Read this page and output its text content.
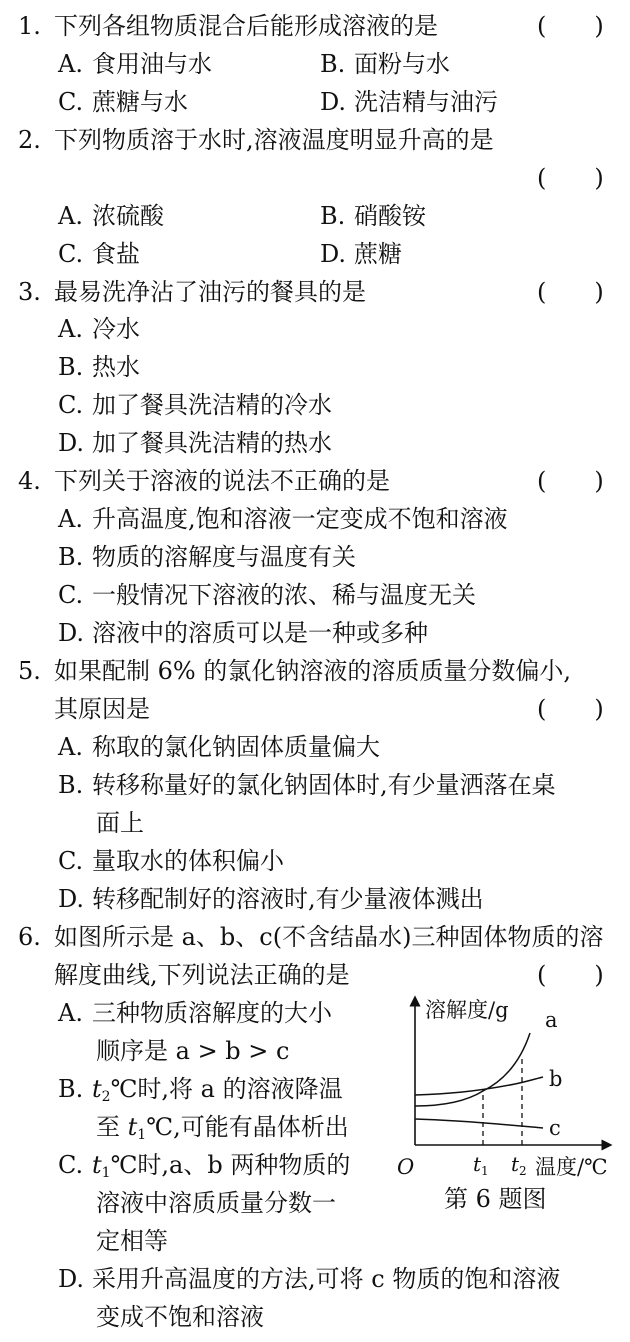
1. 下列各组物质混合后能形成溶液的是	(　　)
A. 食用油与水	B. 面粉与水
C. 蔗糖与水	D. 洗洁精与油污
2. 下列物质溶于水时,溶液温度明显升高的是
(　　)
A. 浓硫酸	B. 硝酸铵
C. 食盐	D. 蔗糖
3. 最易洗净沾了油污的餐具的是	(　　)
A. 冷水
B. 热水
C. 加了餐具洗洁精的冷水
D. 加了餐具洗洁精的热水
4. 下列关于溶液的说法不正确的是	(　　)
A. 升高温度,饱和溶液一定变成不饱和溶液
B. 物质的溶解度与温度有关
C. 一般情况下溶液的浓、稀与温度无关
D. 溶液中的溶质可以是一种或多种
5. 如果配制 6% 的氯化钠溶液的溶质质量分数偏小,
其原因是	(　　)
A. 称取的氯化钠固体质量偏大
B. 转移称量好的氯化钠固体时,有少量洒落在桌
面上
C. 量取水的体积偏小
D. 转移配制好的溶液时,有少量液体溅出
6. 如图所示是 a、b、c(不含结晶水)三种固体物质的溶
解度曲线,下列说法正确的是	(　　)
A. 三种物质溶解度的大小
顺序是 a > b > c
B. $t_2℃$时,将 a 的溶液降温
至 $t_1℃$,可能有晶体析出
C. $t_1℃$时,a、b 两种物质的
溶液中溶质质量分数一
定相等
D. 采用升高温度的方法,可将 c 物质的饱和溶液
变成不饱和溶液
溶解度/g
O
a
b
c
$t_1$ $t_2$ 温度/℃
第 6 题图
